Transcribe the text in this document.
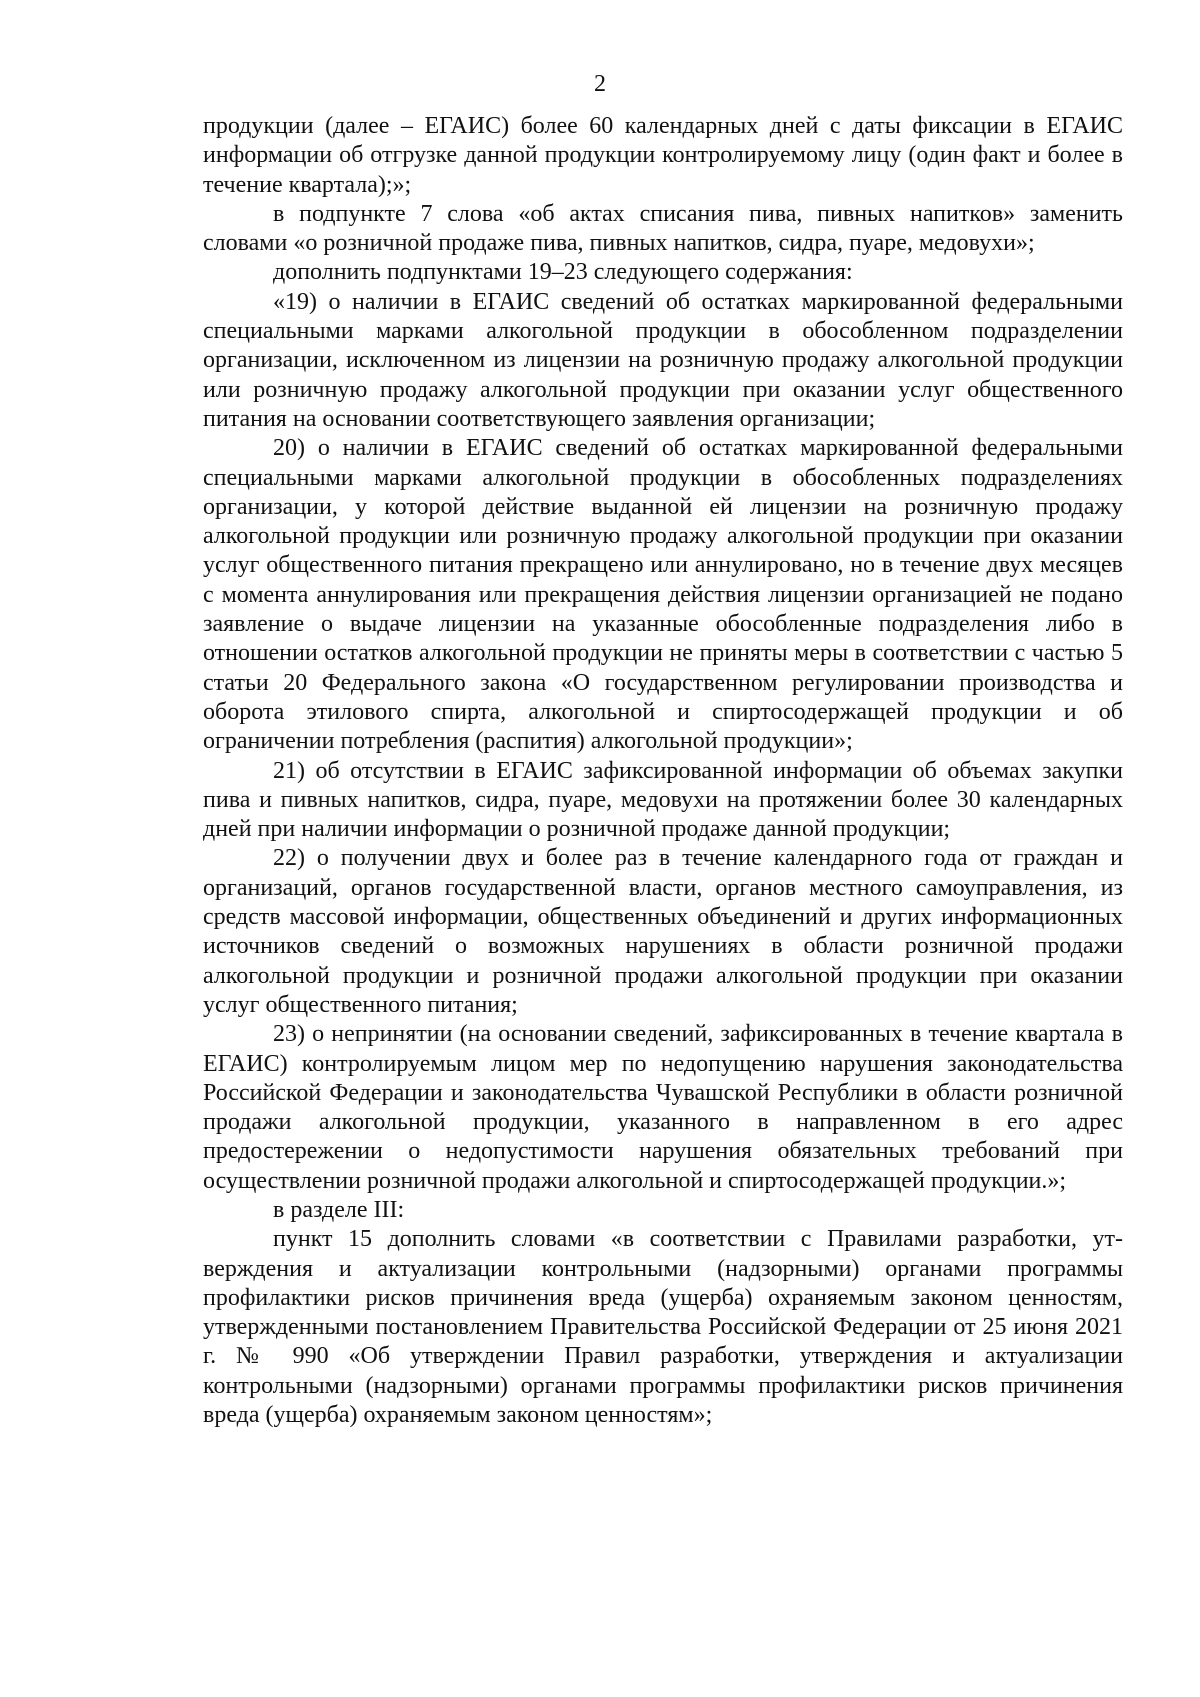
2

продукции (далее – ЕГАИС) более 60 календарных дней с даты фиксации в ЕГАИС информации об отгрузке данной продукции контролируемому лицу (один факт и более в течение квартала);»;

в подпункте 7 слова «об актах списания пива, пивных напитков» заменить словами «о розничной продаже пива, пивных напитков, сидра, пуаре, медовухи»;

дополнить подпунктами 19–23 следующего содержания:

«19) о наличии в ЕГАИС сведений об остатках маркированной федеральными специальными марками алкогольной продукции в обособленном подразделении организации, исключенном из лицензии на розничную продажу алкогольной продукции или розничную продажу алкогольной продукции при оказании услуг общественного питания на основании соответствующего заявления организации;

20) о наличии в ЕГАИС сведений об остатках маркированной федеральными специальными марками алкогольной продукции в обособленных подразделениях организации, у которой действие выданной ей лицензии на розничную продажу алкогольной продукции или розничную продажу алкогольной продукции при оказании услуг общественного питания прекращено или аннулировано, но в течение двух месяцев с момента аннулирования или прекращения действия лицензии организацией не подано заявление о выдаче лицензии на указанные обособленные подразделения либо в отношении остатков алкогольной продукции не приняты меры в соответствии с частью 5 статьи 20 Федерального закона «О государственном регулировании производства и оборота этилового спирта, алкогольной и спиртосодержащей продукции и об ограничении потребления (распития) алкогольной продукции»;

21) об отсутствии в ЕГАИС зафиксированной информации об объемах закупки пива и пивных напитков, сидра, пуаре, медовухи на протяжении более 30 календарных дней при наличии информации о розничной продаже данной продукции;

22) о получении двух и более раз в течение календарного года от граждан и организаций, органов государственной власти, органов местного самоуправления, из средств массовой информации, общественных объединений и других информационных источников сведений о возможных нарушениях в области розничной продажи алкогольной продукции и розничной продажи алкогольной продукции при оказании услуг общественного питания;

23) о непринятии (на основании сведений, зафиксированных в течение квартала в ЕГАИС) контролируемым лицом мер по недопущению нарушения законодательства Российской Федерации и законодательства Чувашской Республики в области розничной продажи алкогольной продукции, указанного в направленном в его адрес предостережении о недопустимости нарушения обязательных требований при осуществлении розничной продажи алкогольной и спиртосодержащей продукции.»;

в разделе III:

пункт 15 дополнить словами «в соответствии с Правилами разработки, утверждения и актуализации контрольными (надзорными) органами программы профилактики рисков причинения вреда (ущерба) охраняемым законом ценностям, утвержденными постановлением Правительства Российской Федерации от 25 июня 2021 г. № 990 «Об утверждении Правил разработки, утверждения и актуализации контрольными (надзорными) органами программы профилактики рисков причинения вреда (ущерба) охраняемым законом ценностям»;
